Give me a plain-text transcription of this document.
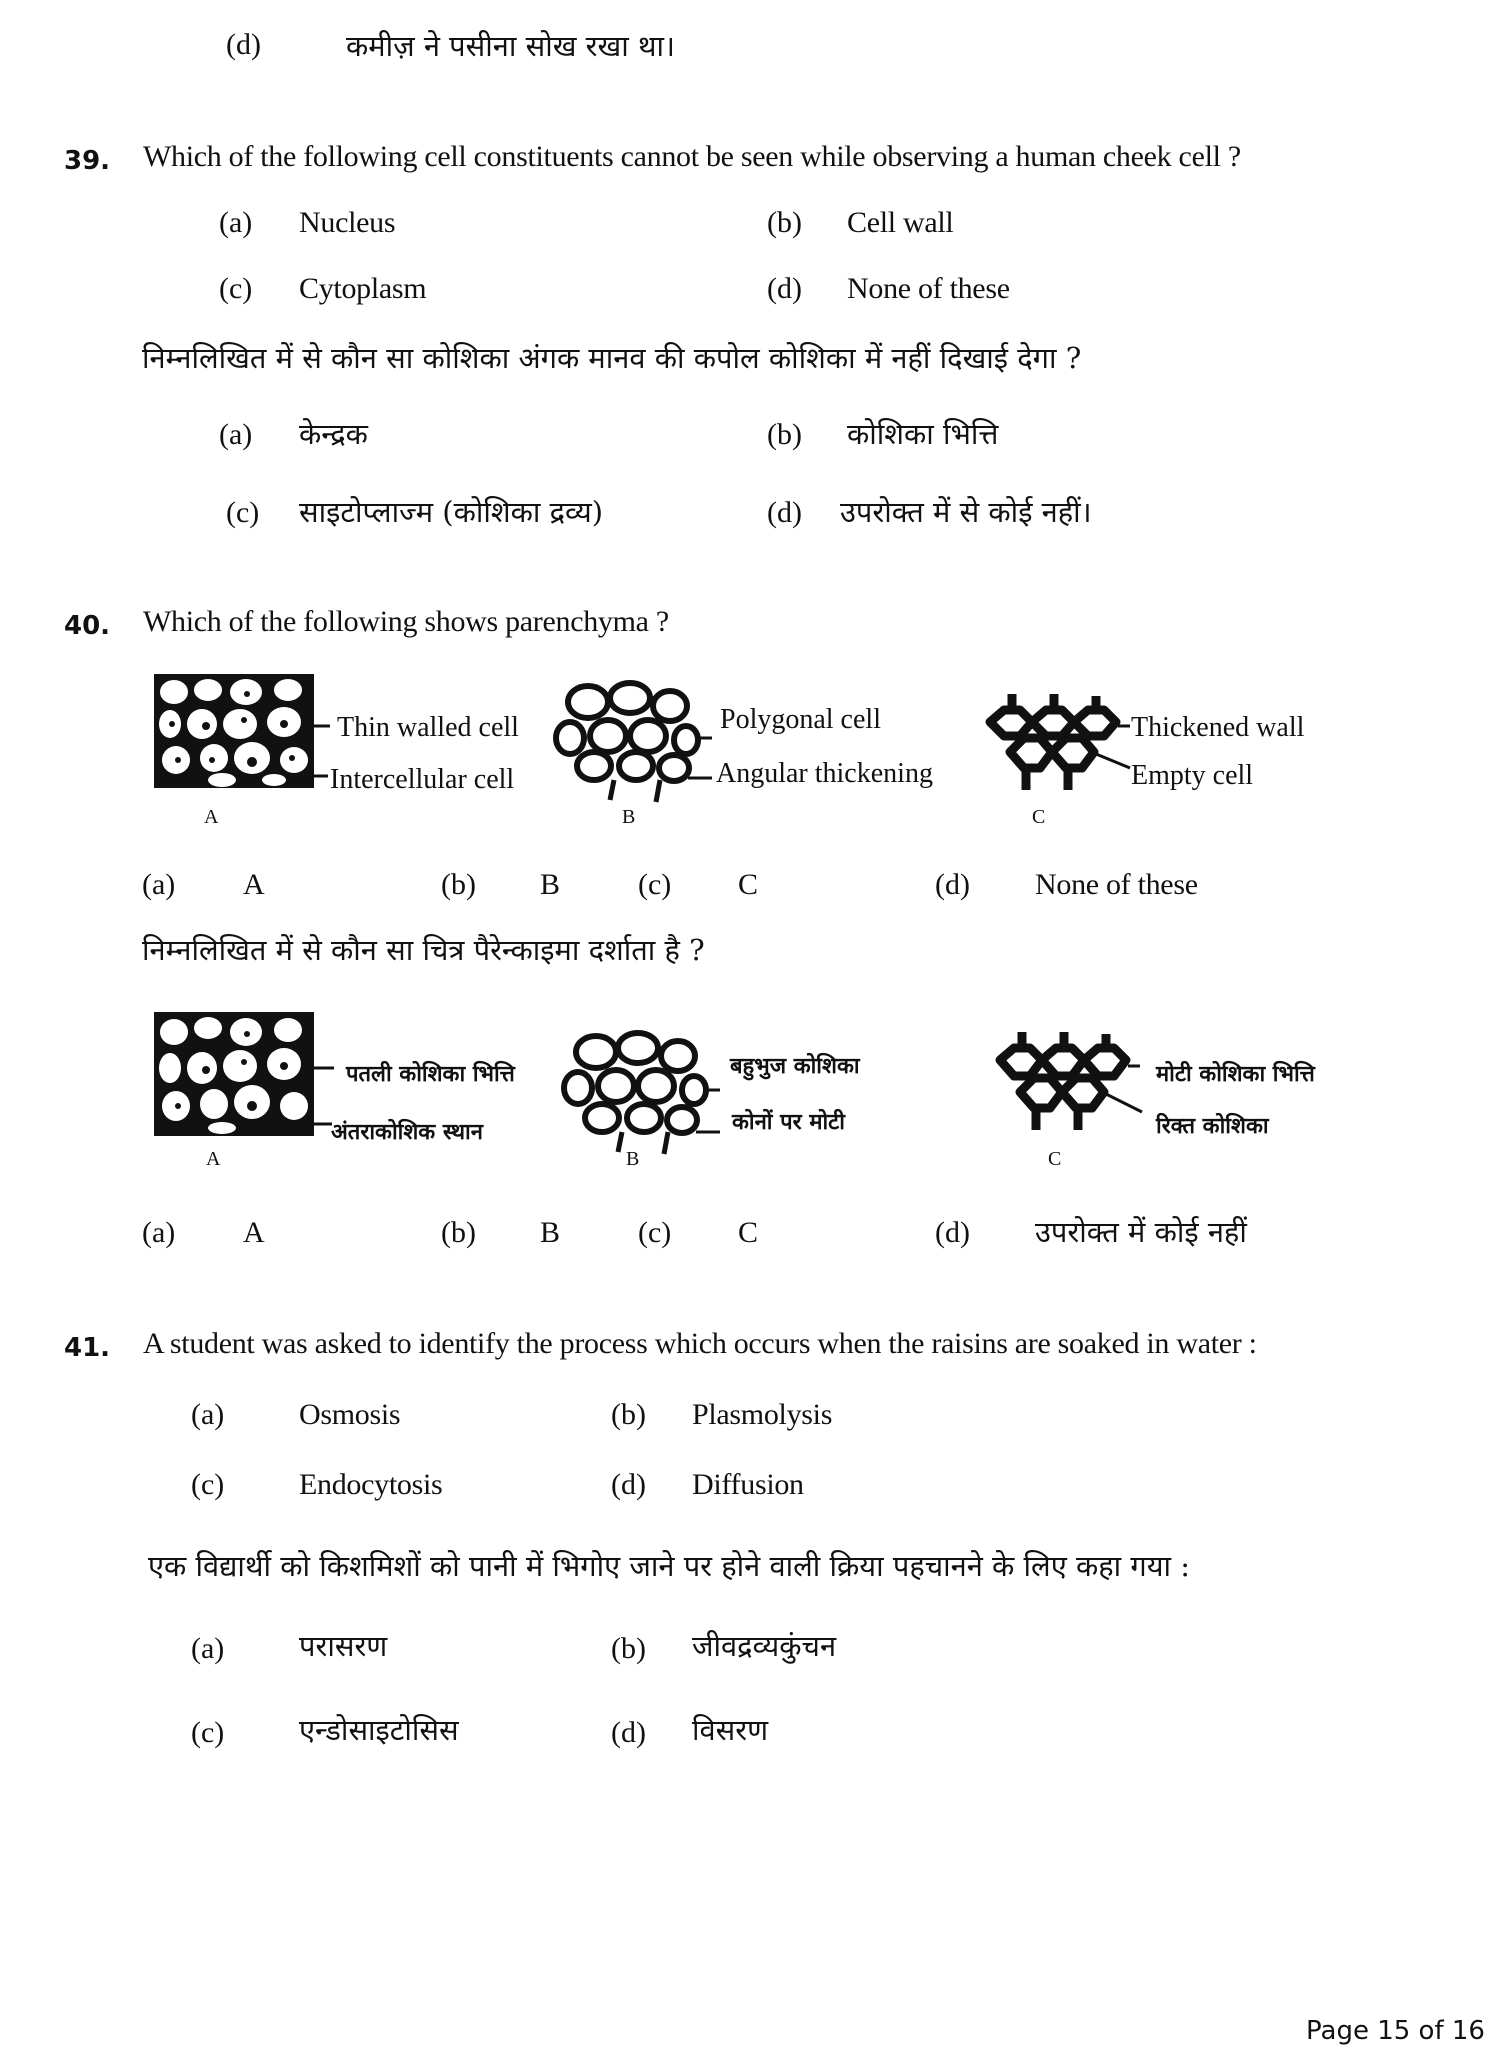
(d)	कमीज़ ने पसीना सोख रखा था।
39. Which of the following cell constituents cannot be seen while observing a human cheek cell ?
(a) Nucleus	(b) Cell wall
(c) Cytoplasm	(d) None of these
निम्नलिखित में से कौन सा कोशिका अंगक मानव की कपोल कोशिका में नहीं दिखाई देगा ?
(a) केन्द्रक	(b) कोशिका भित्ति
(c) साइटोप्लाज्म (कोशिका द्रव्य)	(d) उपरोक्त में से कोई नहीं।
40. Which of the following shows parenchyma ?
Thin walled cell
Intercellular cell
A
Polygonal cell
Angular thickening
B
Thickened wall
Empty cell
C
(a) A	(b) B	(c) C	(d) None of these
निम्नलिखित में से कौन सा चित्र पैरेन्काइमा दर्शाता है ?
पतली कोशिका भित्ति
अंतराकोशिक स्थान
A
बहुभुज कोशिका
कोनों पर मोटी
B
मोटी कोशिका भित्ति
रिक्त कोशिका
C
(a) A	(b) B	(c) C	(d) उपरोक्त में कोई नहीं
41. A student was asked to identify the process which occurs when the raisins are soaked in water :
(a) Osmosis	(b) Plasmolysis
(c) Endocytosis	(d) Diffusion
एक विद्यार्थी को किशमिशों को पानी में भिगोए जाने पर होने वाली क्रिया पहचानने के लिए कहा गया :
(a)	परासरण	(b) जीवद्रव्यकुंचन
(c)	एन्डोसाइटोसिस	(d) विसरण
Page 15 of 16
